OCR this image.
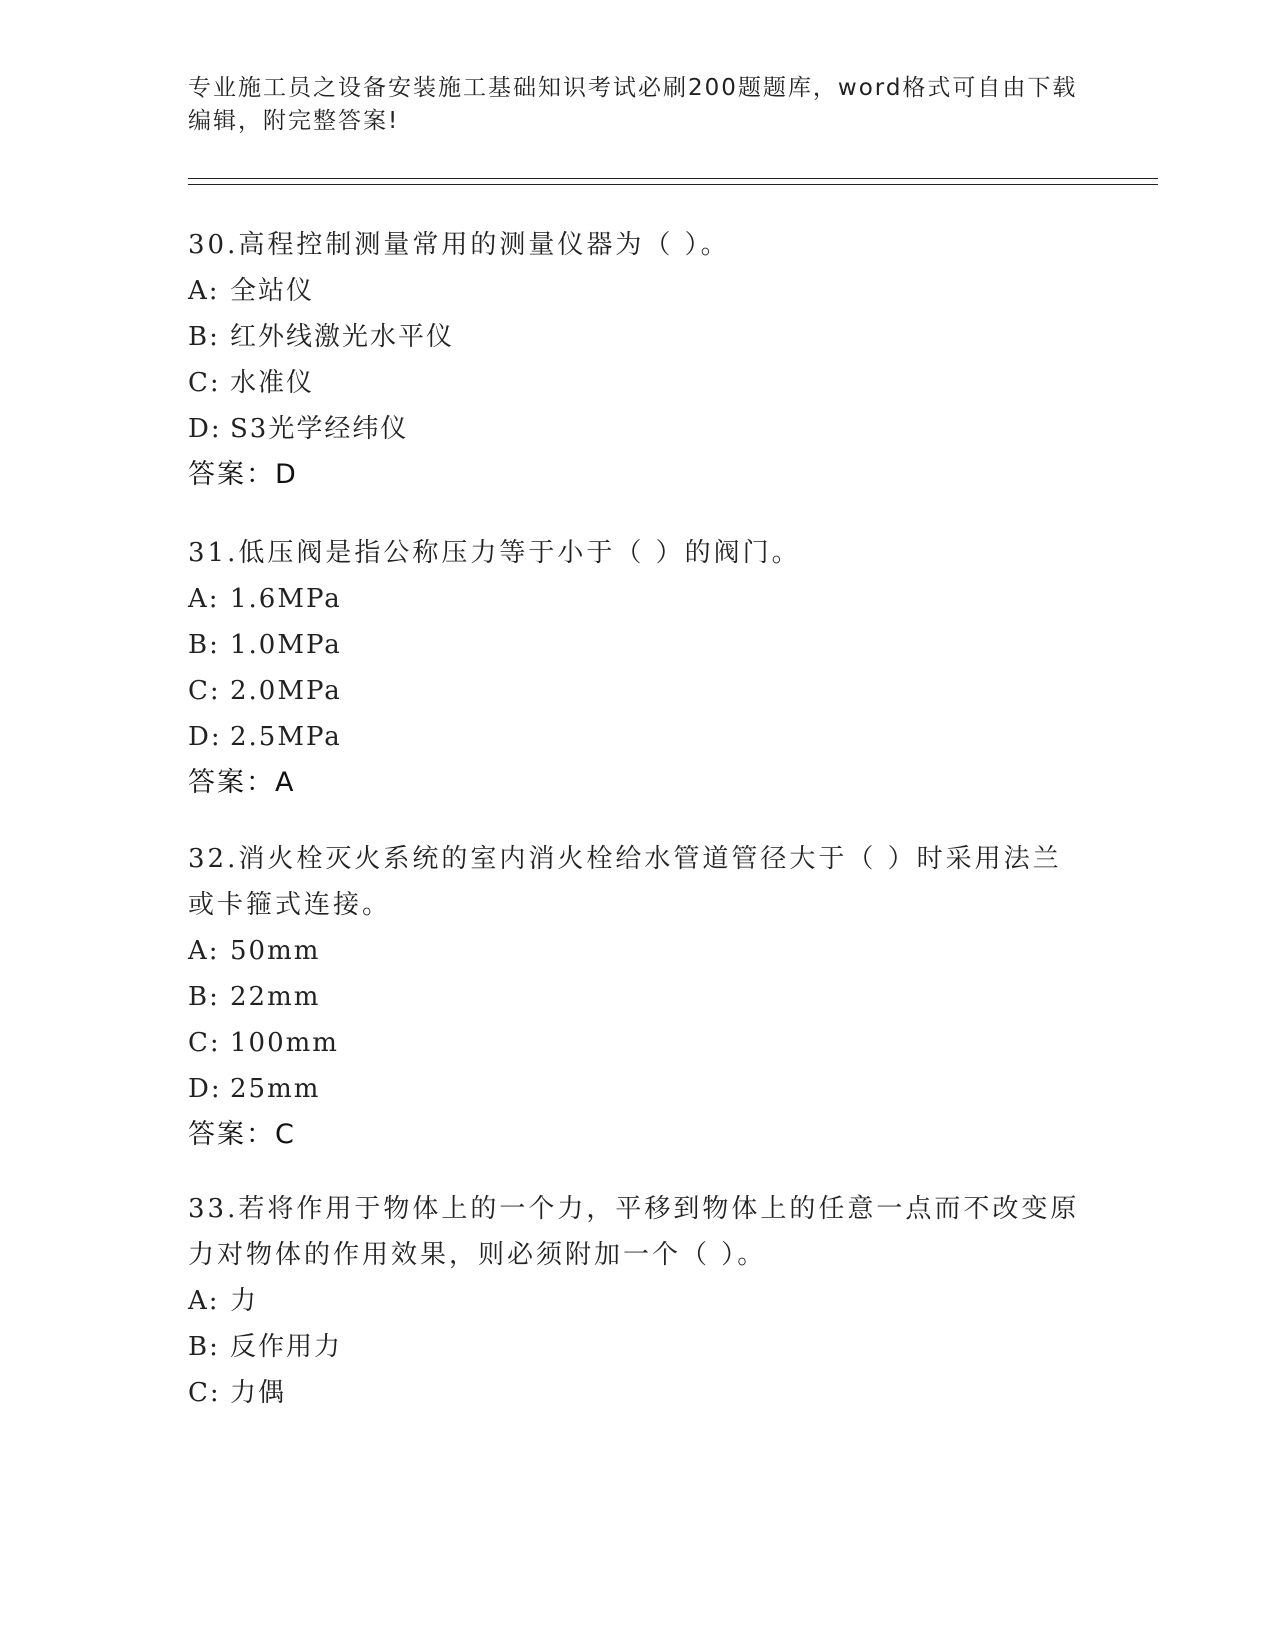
专业施工员之设备安装施工基础知识考试必刷200题题库，word格式可自由下载
编辑，附完整答案!

30.高程控制测量常用的测量仪器为（ ）。

A: 全站仪

B: 红外线激光水平仪

C: 水准仪

D: S3光学经纬仪

答案：D

31.低压阀是指公称压力等于小于（ ）的阀门。

A: 1.6MPa

B: 1.0MPa

C: 2.0MPa

D: 2.5MPa

答案：A

32.消火栓灭火系统的室内消火栓给水管道管径大于（ ）时采用法兰或卡箍式连接。

A: 50mm

B: 22mm

C: 100mm

D: 25mm

答案：C

33.若将作用于物体上的一个力，平移到物体上的任意一点而不改变原力对物体的作用效果，则必须附加一个（ ）。

A: 力

B: 反作用力

C: 力偶
